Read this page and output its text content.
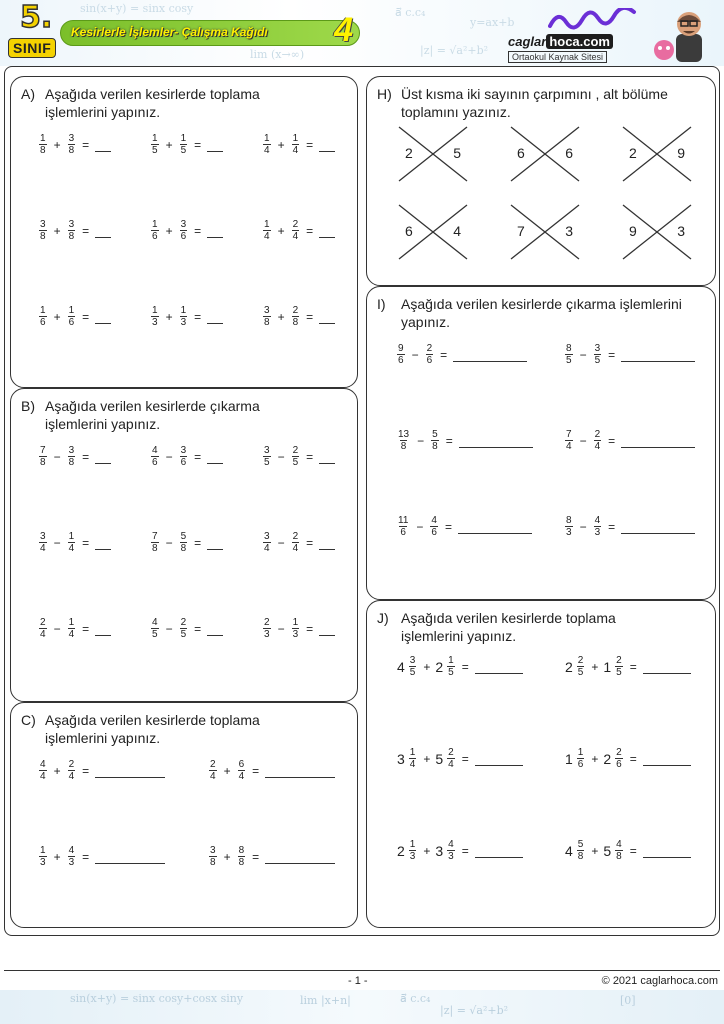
sin(x+y) = sinx cosy
lim (x→∞)
ā⃗ c.c₄
|z| = √a²+b²
y=ax+b
5.
SINIF
Kesirlerle İşlemler- Çalışma Kağıdı 4	caglar hoca.com
Ortaokul Kaynak Sitesi
A) Aşağıda verilen kesirlerde toplama
işlemlerini yapınız.
$\frac{1}{8} + \frac{3}{8}$ =	$\frac{1}{5} + \frac{1}{5}$ =	$\frac{1}{4} + \frac{1}{4}$ =
$\frac{3}{8} + \frac{3}{8}$ =	$\frac{1}{6} + \frac{3}{6}$ =	$\frac{1}{4} + \frac{2}{4}$ =
$\frac{1}{6} + \frac{1}{6}$ =	$\frac{1}{3} + \frac{1}{3}$ =	$\frac{3}{8} + \frac{2}{8}$ =
B) Aşağıda verilen kesirlerde çıkarma
işlemlerini yapınız.
$\frac{7}{8} - \frac{3}{8}$ =	$\frac{4}{6} - \frac{3}{6}$ =	$\frac{3}{5} - \frac{2}{5}$ =
$\frac{3}{4} - \frac{1}{4}$ =	$\frac{7}{8} - \frac{5}{8}$ =	$\frac{3}{4} - \frac{2}{4}$ =
$\frac{2}{4} - \frac{1}{4}$ =	$\frac{4}{5} - \frac{2}{5}$ =	$\frac{2}{3} - \frac{1}{3}$ =
C) Aşağıda verilen kesirlerde toplama
işlemlerini yapınız.
$\frac{4}{4} + \frac{2}{4}$ =	$\frac{2}{4} + \frac{6}{4}$ =
$\frac{1}{3} + \frac{4}{3}$ =	$\frac{3}{8} + \frac{8}{8}$ =
H) Üst kısma iki sayının çarpımını , alt bölüme
toplamını yazınız.
2	5	6	6	2	9
6	4	7	3	9	3
I) Aşağıda verilen kesirlerde çıkarma işlemlerini
yapınız.
$\frac{9}{6} - \frac{2}{6}$ =	$\frac{8}{5} - \frac{3}{5}$ =
$\frac{13}{8} - \frac{5}{8}$ =	$\frac{7}{4} - \frac{2}{4}$ =
$\frac{11}{6} - \frac{4}{6}$ =	$\frac{8}{3} - \frac{4}{3}$ =
J) Aşağıda verilen kesirlerde toplama
işlemlerini yapınız.
$4 \frac{3}{5} + 2 \frac{1}{5}$ =	$2 \frac{2}{5} + 1 \frac{2}{5}$ =
$3 \frac{1}{4} + 5 \frac{2}{4}$ =	$1 \frac{1}{6} + 2 \frac{2}{6}$ =
$2 \frac{1}{3} + 3 \frac{4}{3}$ =	$4 \frac{5}{8} + 5 \frac{4}{8}$ =
- 1 -	© 2021 caglarhoca.com
sin(x+y) = sinx cosy+cosx siny	lim |x+n|	ā⃗ c.c₄
|z| = √a²+b²
[0]
